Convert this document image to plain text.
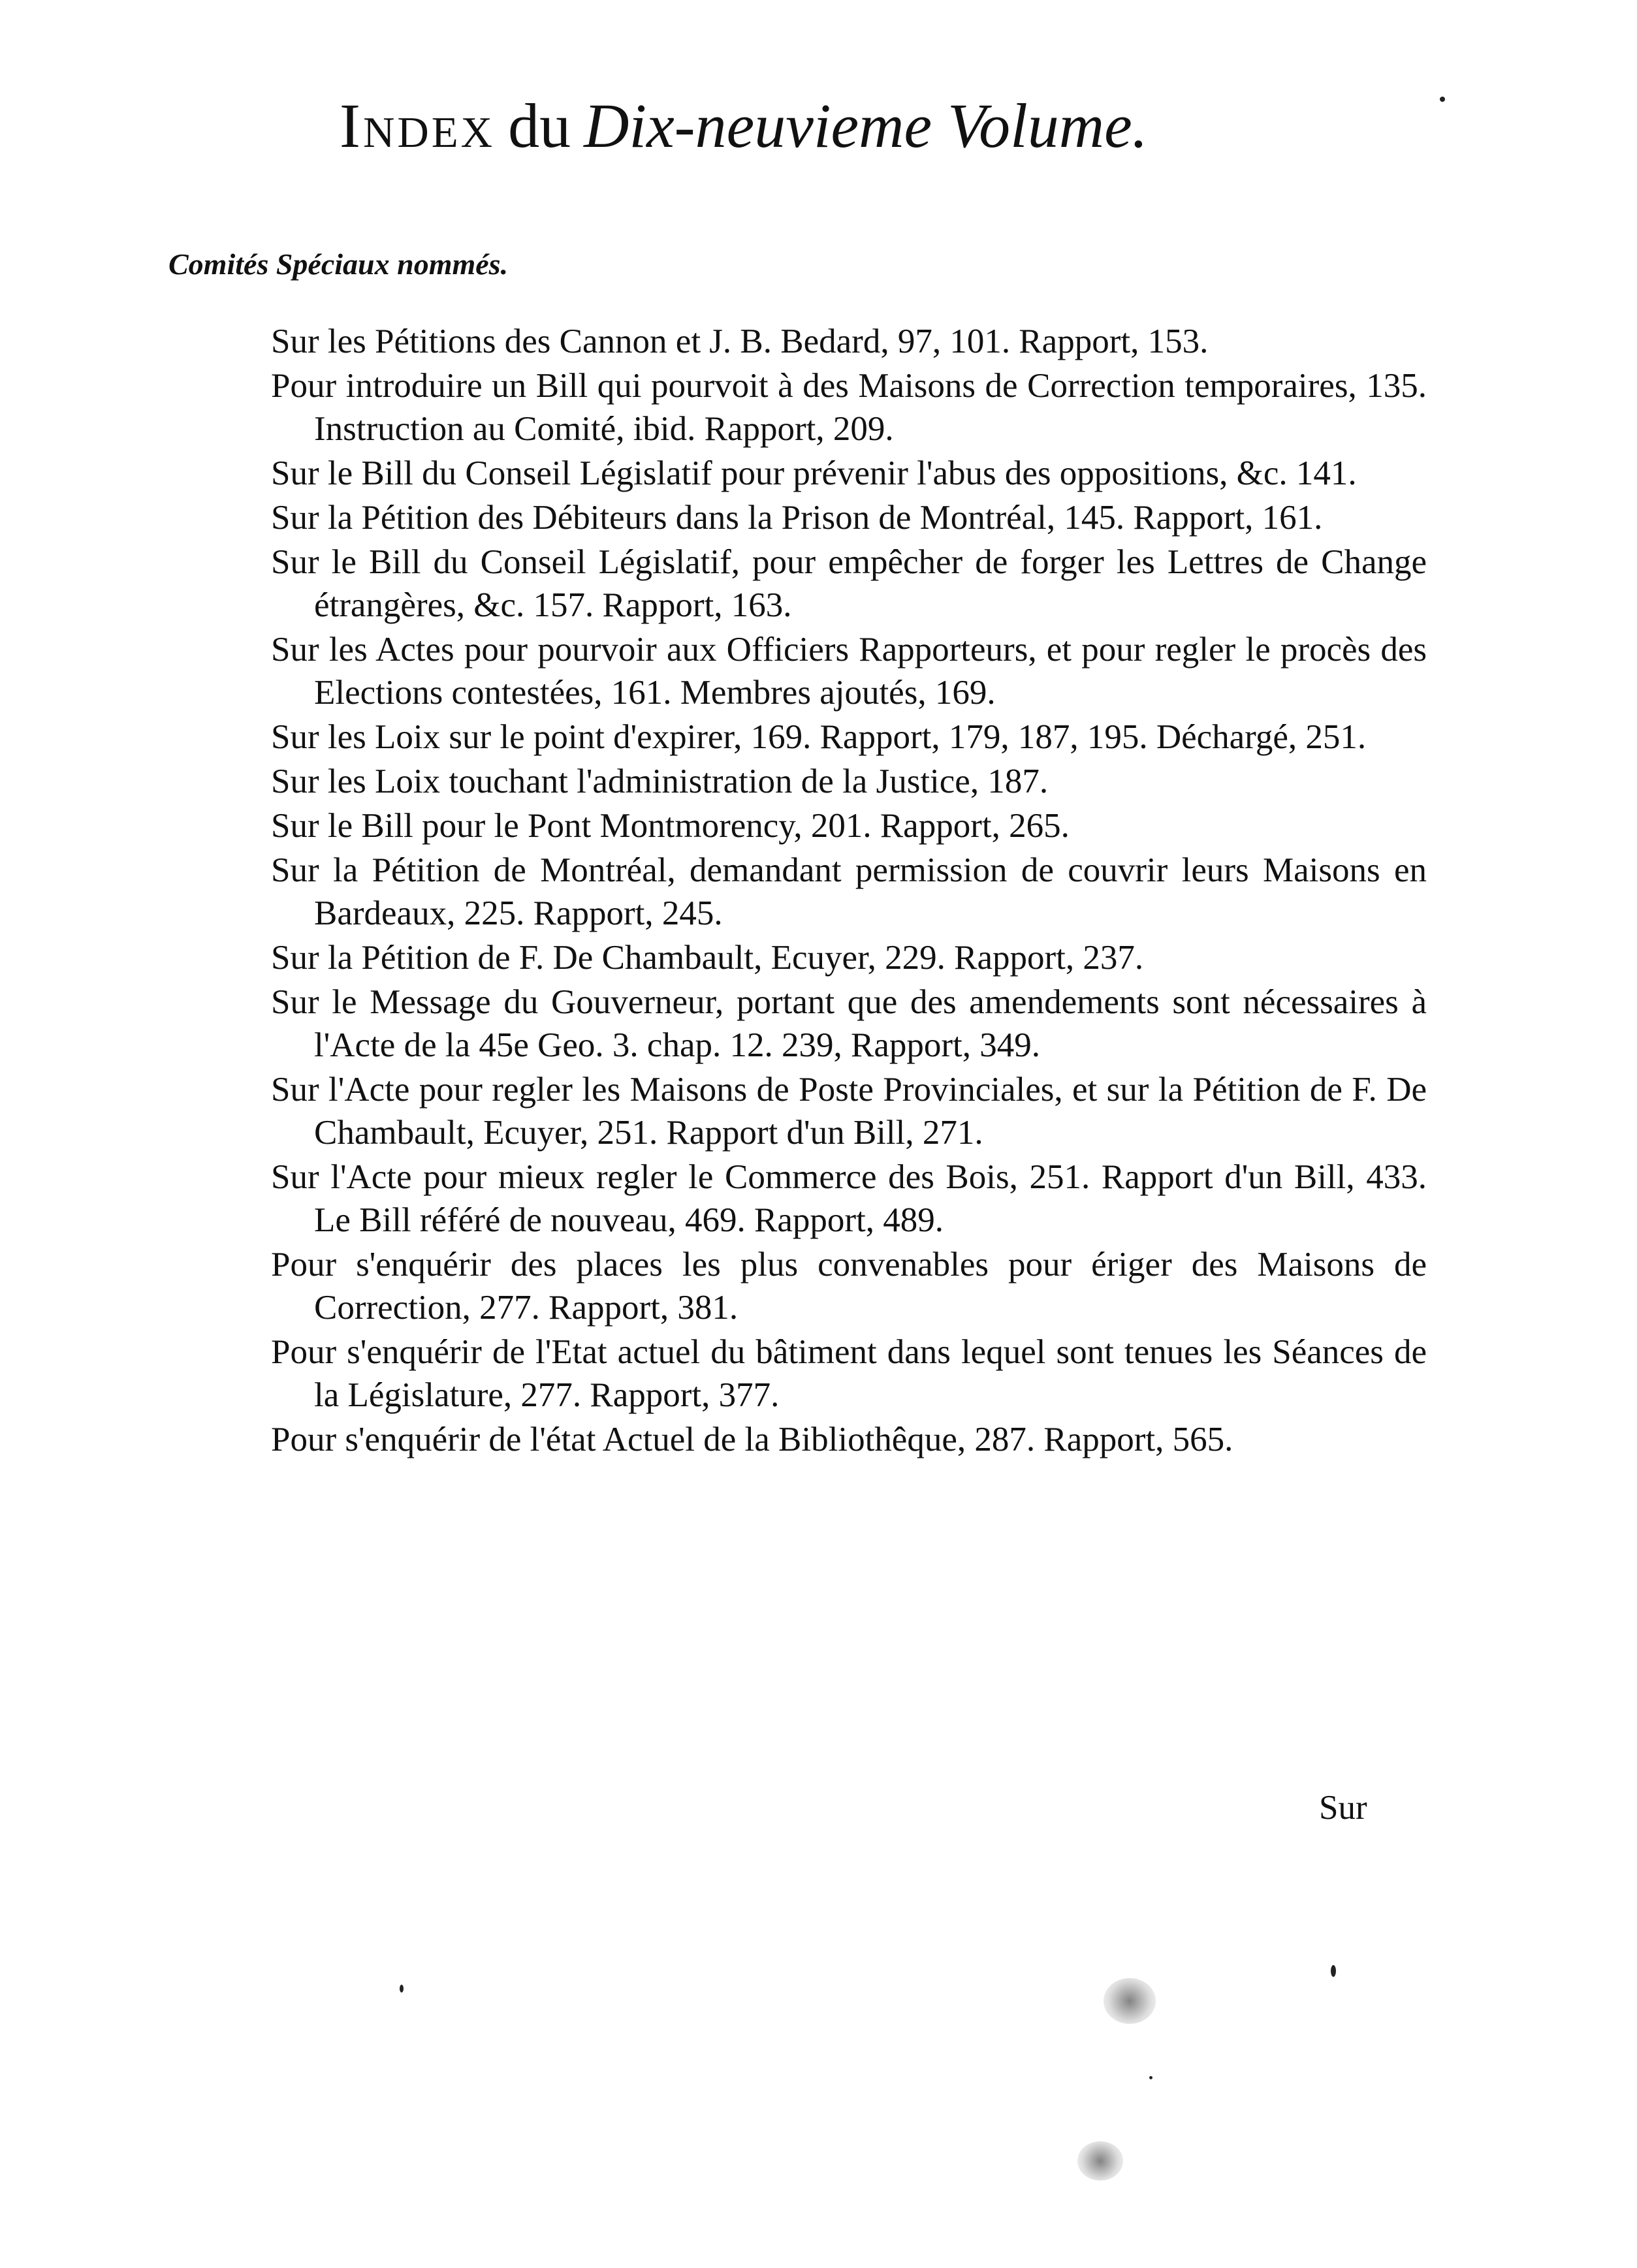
Index du Dix-neuvieme Volume.
Comités Spéciaux nommés.
Sur les Pétitions des Cannon et J. B. Bedard, 97, 101. Rapport, 153.
Pour introduire un Bill qui pourvoit à des Maisons de Correction temporaires, 135. Instruction au Comité, ibid. Rapport, 209.
Sur le Bill du Conseil Législatif pour prévenir l'abus des oppositions, &c. 141.
Sur la Pétition des Débiteurs dans la Prison de Montréal, 145. Rapport, 161.
Sur le Bill du Conseil Législatif, pour empêcher de forger les Lettres de Change étrangères, &c. 157. Rapport, 163.
Sur les Actes pour pourvoir aux Officiers Rapporteurs, et pour regler le procès des Elections contestées, 161. Membres ajoutés, 169.
Sur les Loix sur le point d'expirer, 169. Rapport, 179, 187, 195. Déchargé, 251.
Sur les Loix touchant l'administration de la Justice, 187.
Sur le Bill pour le Pont Montmorency, 201. Rapport, 265.
Sur la Pétition de Montréal, demandant permission de couvrir leurs Maisons en Bardeaux, 225. Rapport, 245.
Sur la Pétition de F. De Chambault, Ecuyer, 229. Rapport, 237.
Sur le Message du Gouverneur, portant que des amendements sont nécessaires à l'Acte de la 45e Geo. 3. chap. 12. 239, Rapport, 349.
Sur l'Acte pour regler les Maisons de Poste Provinciales, et sur la Pétition de F. De Chambault, Ecuyer, 251. Rapport d'un Bill, 271.
Sur l'Acte pour mieux regler le Commerce des Bois, 251. Rapport d'un Bill, 433. Le Bill référé de nouveau, 469. Rapport, 489.
Pour s'enquérir des places les plus convenables pour ériger des Maisons de Correction, 277. Rapport, 381.
Pour s'enquérir de l'Etat actuel du bâtiment dans lequel sont tenues les Séances de la Législature, 277. Rapport, 377.
Pour s'enquérir de l'état Actuel de la Bibliothêque, 287. Rapport, 565.
Sur
